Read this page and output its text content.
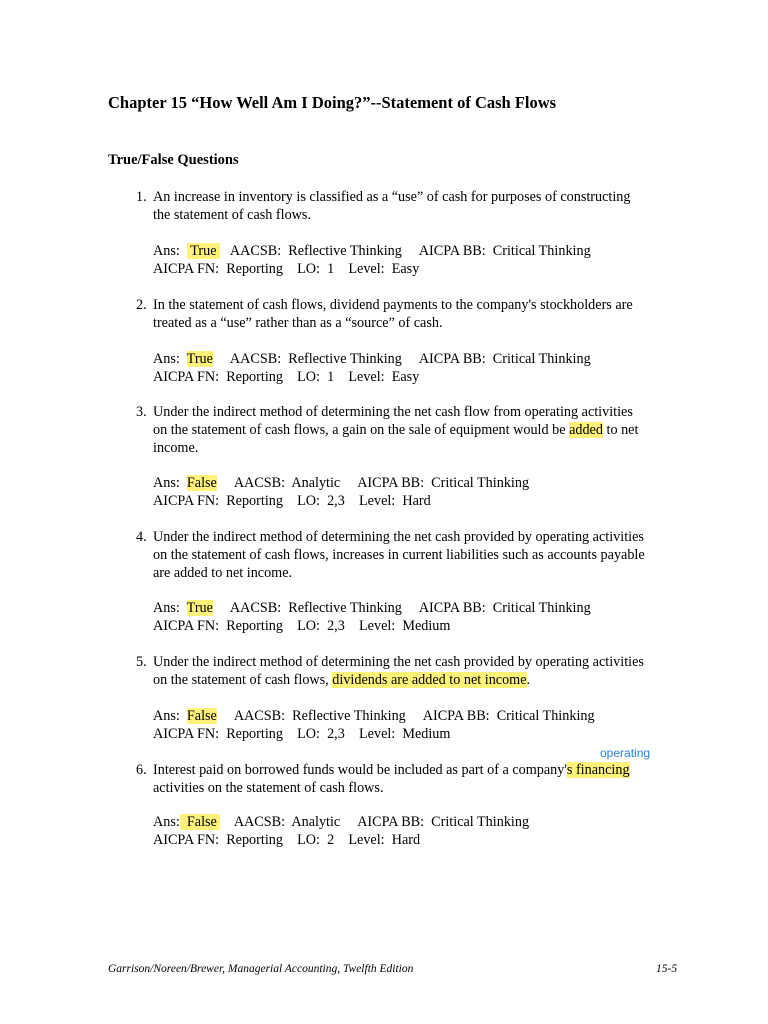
Chapter 15 “How Well Am I Doing?”--Statement of Cash Flows
True/False Questions
1. An increase in inventory is classified as a “use” of cash for purposes of constructing
the statement of cash flows.
Ans: True AACSB:  Reflective Thinking AICPA BB:  Critical Thinking
AICPA FN:  Reporting LO:  1 Level:  Easy
2. In the statement of cash flows, dividend payments to the company's stockholders are
treated as a “use” rather than as a “source” of cash.
Ans: True AACSB:  Reflective Thinking AICPA BB:  Critical Thinking
AICPA FN:  Reporting LO:  1 Level:  Easy
3. Under the indirect method of determining the net cash flow from operating activities
on the statement of cash flows, a gain on the sale of equipment would be added to net
income.
Ans: False AACSB:  Analytic AICPA BB:  Critical Thinking
AICPA FN:  Reporting LO:  2,3 Level:  Hard
4. Under the indirect method of determining the net cash provided by operating activities
on the statement of cash flows, increases in current liabilities such as accounts payable
are added to net income.
Ans: True AACSB:  Reflective Thinking AICPA BB:  Critical Thinking
AICPA FN:  Reporting LO:  2,3 Level:  Medium
5. Under the indirect method of determining the net cash provided by operating activities
on the statement of cash flows, dividends are added to net income.
Ans: False AACSB:  Reflective Thinking AICPA BB:  Critical Thinking
AICPA FN:  Reporting LO:  2,3 Level:  Medium
operating
6. Interest paid on borrowed funds would be included as part of a company's financing
activities on the statement of cash flows.
Ans: False AACSB:  Analytic AICPA BB:  Critical Thinking
AICPA FN:  Reporting LO:  2 Level:  Hard
Garrison/Noreen/Brewer, Managerial Accounting, Twelfth Edition	15-5
